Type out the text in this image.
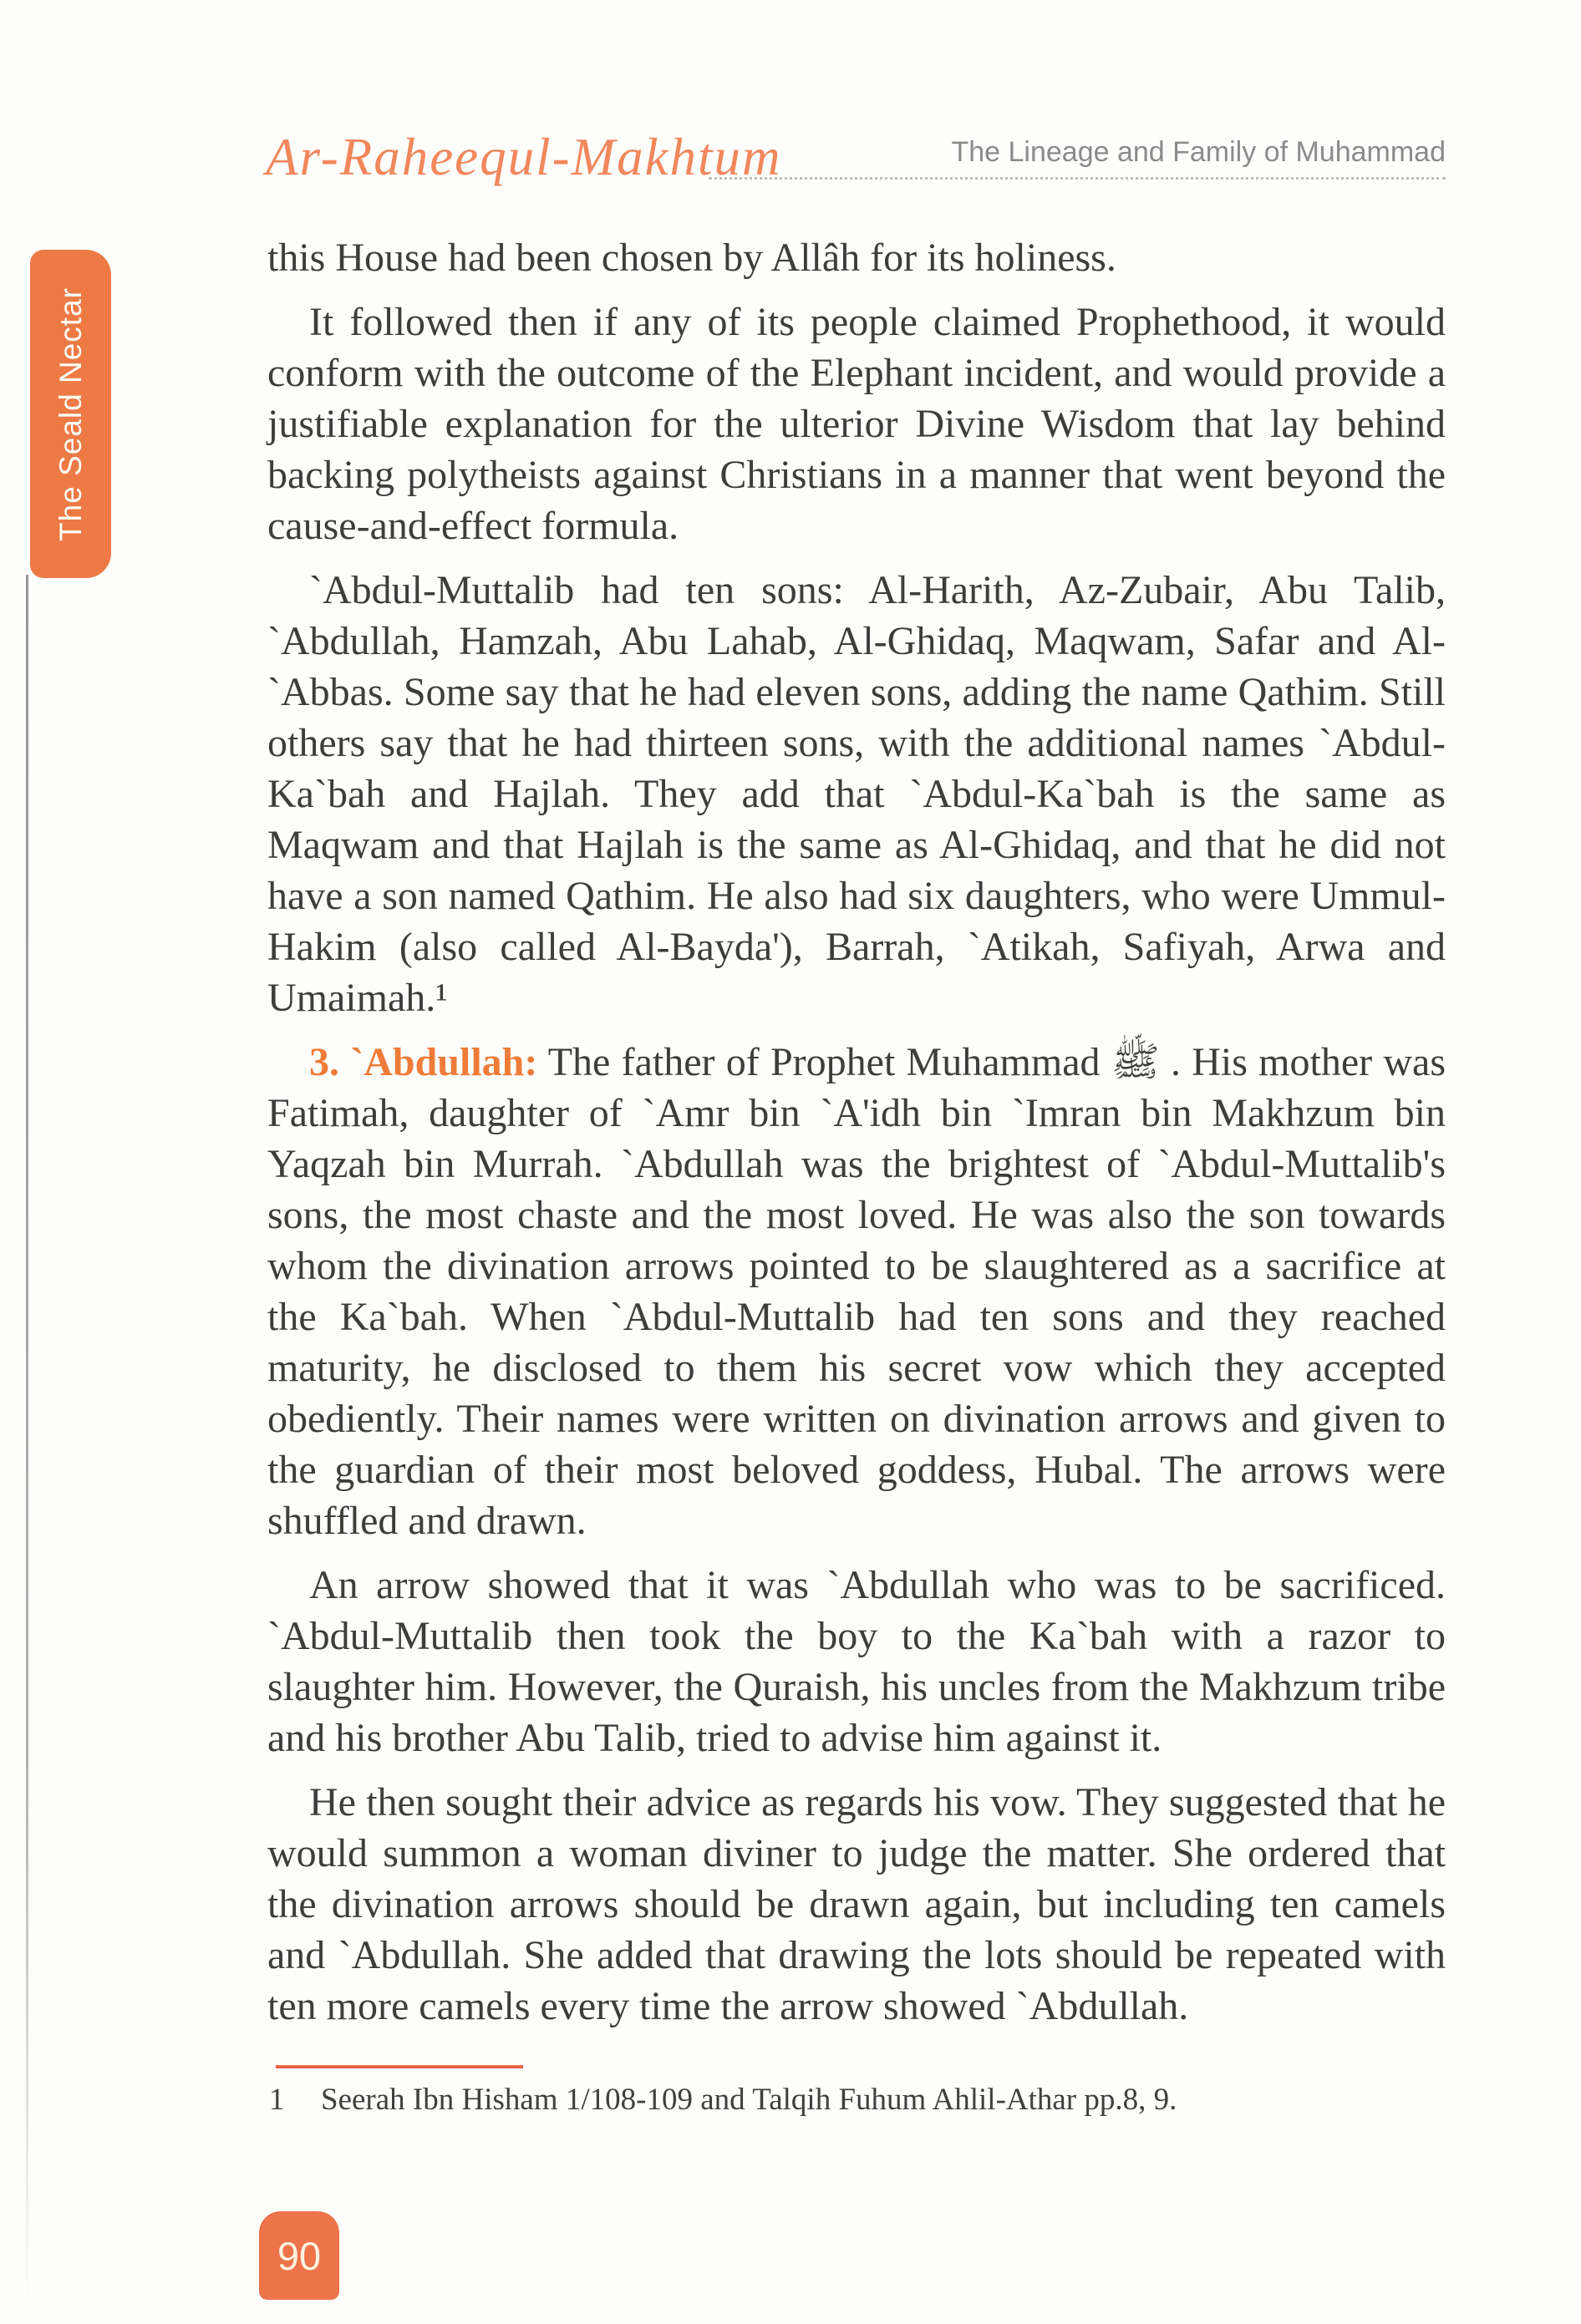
The Seald Nectar
Ar-Raheequl-Makhtum	The Lineage and Family of Muhammad

this House had been chosen by Allâh for its holiness.

It followed then if any of its people claimed Prophethood, it would conform with the outcome of the Elephant incident, and would provide a justifiable explanation for the ulterior Divine Wisdom that lay behind backing polytheists against Christians in a manner that went beyond the cause-and-effect formula.

`Abdul-Muttalib had ten sons: Al-Harith, Az-Zubair, Abu Talib, `Abdullah, Hamzah, Abu Lahab, Al-Ghidaq, Maqwam, Safar and Al-`Abbas. Some say that he had eleven sons, adding the name Qathim. Still others say that he had thirteen sons, with the additional names `Abdul-Ka`bah and Hajlah. They add that `Abdul-Ka`bah is the same as Maqwam and that Hajlah is the same as Al-Ghidaq, and that he did not have a son named Qathim. He also had six daughters, who were Ummul-Hakim (also called Al-Bayda'), Barrah, `Atikah, Safiyah, Arwa and Umaimah.¹

3. `Abdullah: The father of Prophet Muhammad ﷺ . His mother was Fatimah, daughter of `Amr bin `A'idh bin `Imran bin Makhzum bin Yaqzah bin Murrah. `Abdullah was the brightest of `Abdul-Muttalib's sons, the most chaste and the most loved. He was also the son towards whom the divination arrows pointed to be slaughtered as a sacrifice at the Ka`bah. When `Abdul-Muttalib had ten sons and they reached maturity, he disclosed to them his secret vow which they accepted obediently. Their names were written on divination arrows and given to the guardian of their most beloved goddess, Hubal. The arrows were shuffled and drawn.

An arrow showed that it was `Abdullah who was to be sacrificed. `Abdul-Muttalib then took the boy to the Ka`bah with a razor to slaughter him. However, the Quraish, his uncles from the Makhzum tribe and his brother Abu Talib, tried to advise him against it.

He then sought their advice as regards his vow. They suggested that he would summon a woman diviner to judge the matter. She ordered that the divination arrows should be drawn again, but including ten camels and `Abdullah. She added that drawing the lots should be repeated with ten more camels every time the arrow showed `Abdullah.

1	Seerah Ibn Hisham 1/108-109 and Talqih Fuhum Ahlil-Athar pp.8, 9.
90
